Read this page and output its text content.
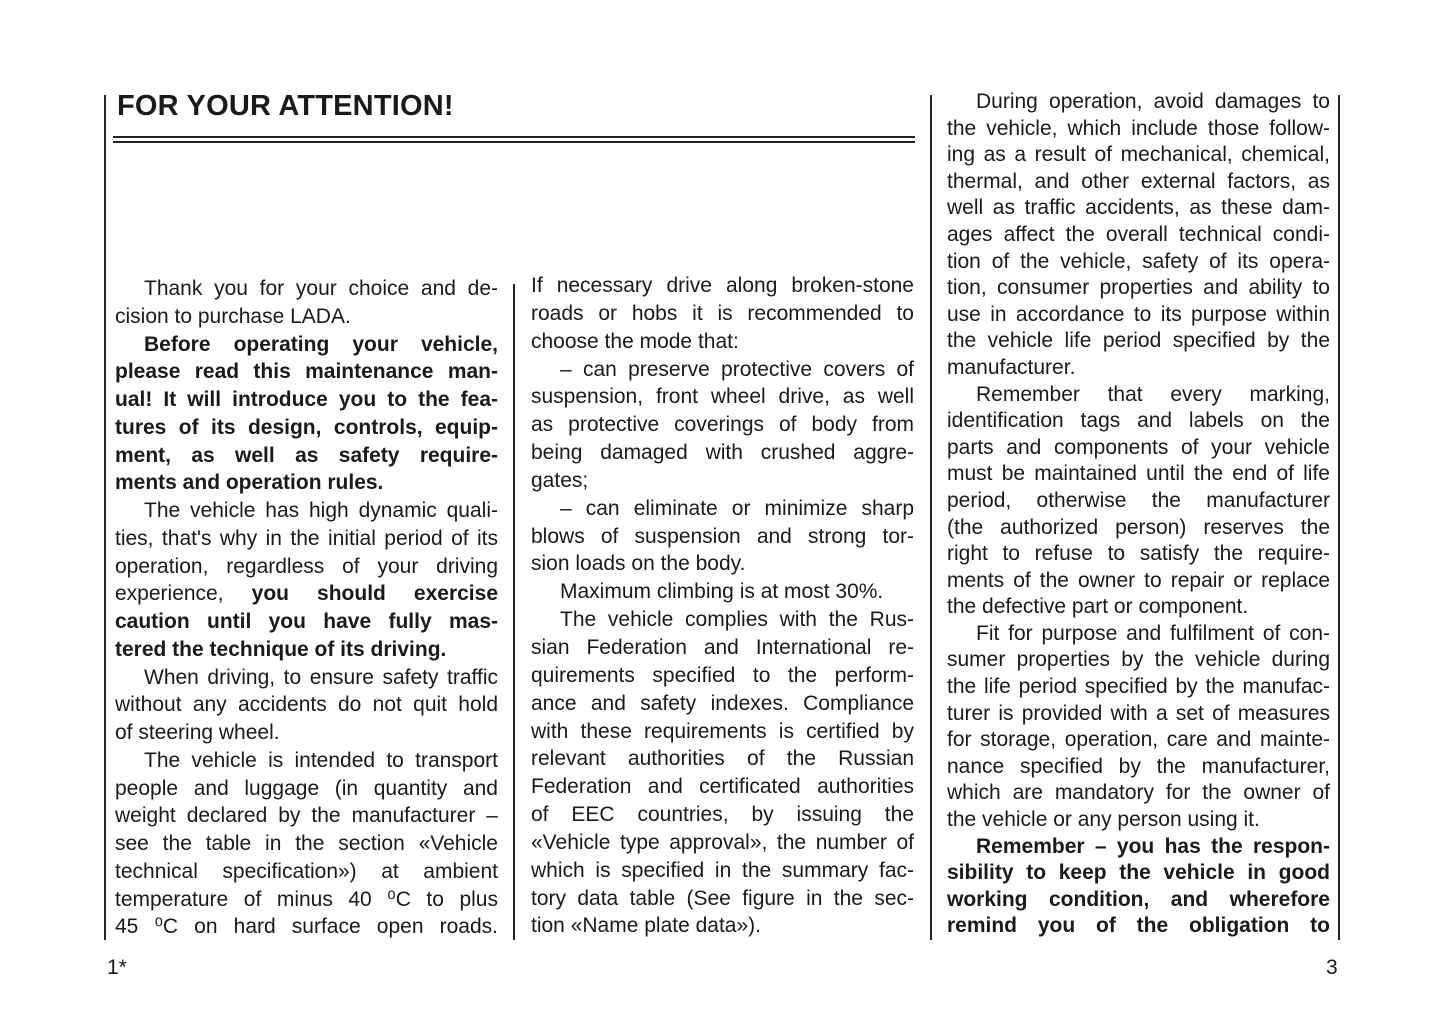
FOR YOUR ATTENTION!
Thank you for your choice and de-
cision to purchase LADA.
Before operating your vehicle,
please read this maintenance man-
ual! It will introduce you to the fea-
tures of its design, controls, equip-
ment, as well as safety require-
ments and operation rules.
The vehicle has high dynamic quali-
ties, that's why in the initial period of its
operation, regardless of your driving
experience, you should exercise
caution until you have fully mas-
tered the technique of its driving.
When driving, to ensure safety traffic
without any accidents do not quit hold
of steering wheel.
The vehicle is intended to transport
people and luggage (in quantity and
weight declared by the manufacturer –
see the table in the section «Vehicle
technical specification») at ambient
temperature of minus 40 ⁰C to plus
45 ⁰C on hard surface open roads.
If necessary drive along broken-stone
roads or hobs it is recommended to
choose the mode that:
– can preserve protective covers of
suspension, front wheel drive, as well
as protective coverings of body from
being damaged with crushed aggre-
gates;
– can eliminate or minimize sharp
blows of suspension and strong tor-
sion loads on the body.
Maximum climbing is at most 30%.
The vehicle complies with the Rus-
sian Federation and International re-
quirements specified to the perform-
ance and safety indexes. Compliance
with these requirements is certified by
relevant authorities of the Russian
Federation and certificated authorities
of EEC countries, by issuing the
«Vehicle type approval», the number of
which is specified in the summary fac-
tory data table (See figure in the sec-
tion «Name plate data»).
During operation, avoid damages to
the vehicle, which include those follow-
ing as a result of mechanical, chemical,
thermal, and other external factors, as
well as traffic accidents, as these dam-
ages affect the overall technical condi-
tion of the vehicle, safety of its opera-
tion, consumer properties and ability to
use in accordance to its purpose within
the vehicle life period specified by the
manufacturer.
Remember that every marking,
identification tags and labels on the
parts and components of your vehicle
must be maintained until the end of life
period, otherwise the manufacturer
(the authorized person) reserves the
right to refuse to satisfy the require-
ments of the owner to repair or replace
the defective part or component.
Fit for purpose and fulfilment of con-
sumer properties by the vehicle during
the life period specified by the manufac-
turer is provided with a set of measures
for storage, operation, care and mainte-
nance specified by the manufacturer,
which are mandatory for the owner of
the vehicle or any person using it.
Remember – you has the respon-
sibility to keep the vehicle in good
working condition, and wherefore
remind you of the obligation to
1*	3
